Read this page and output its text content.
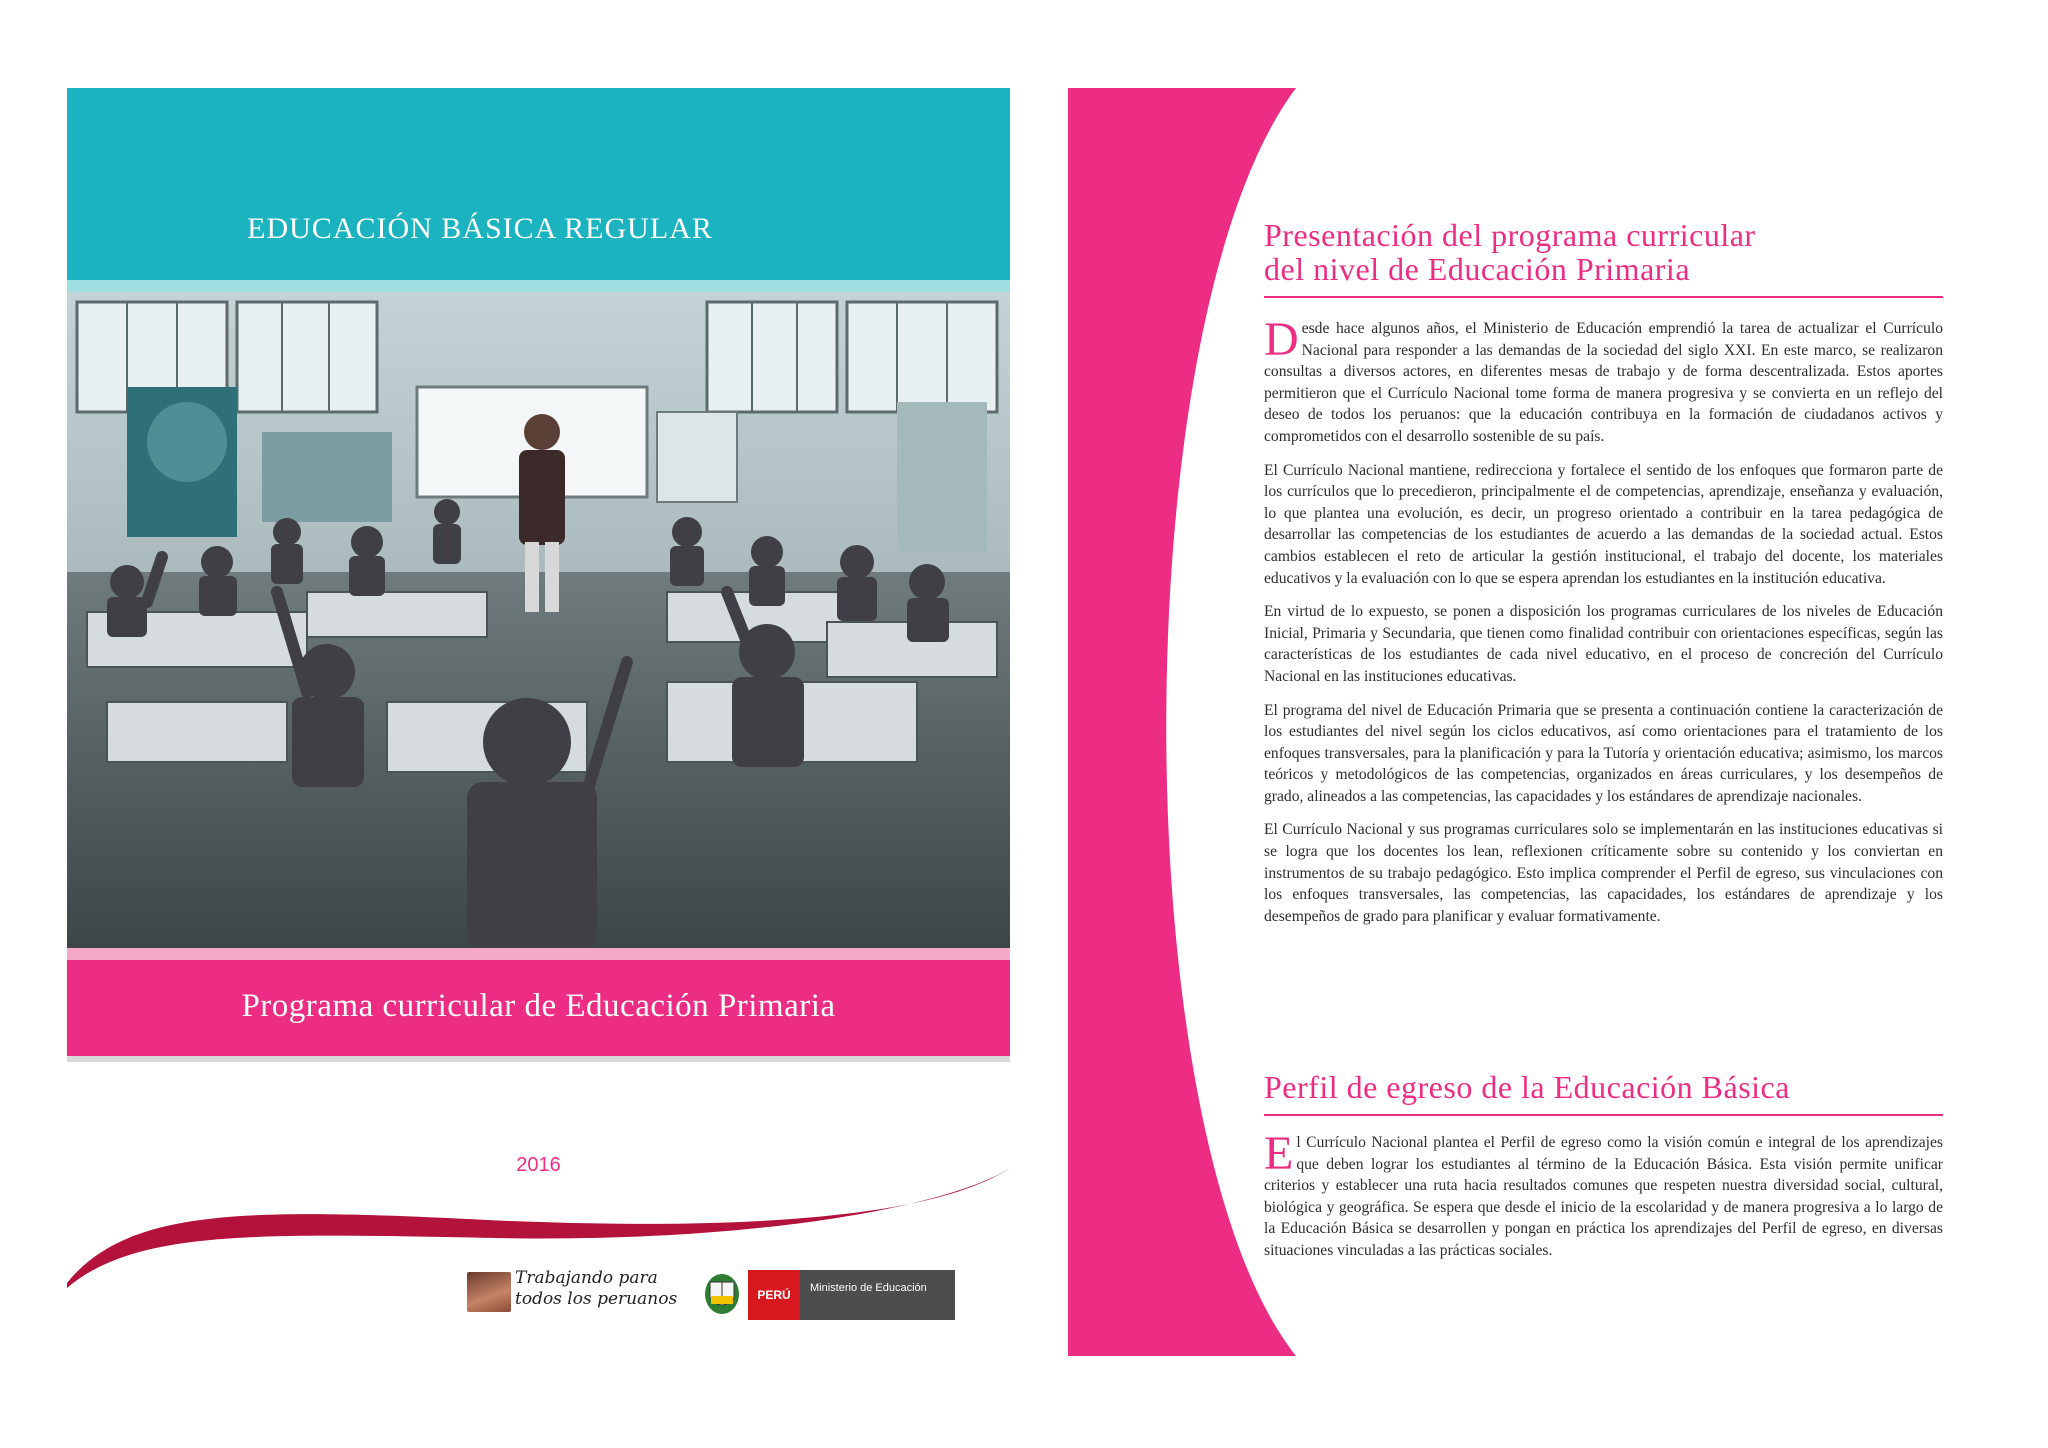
EDUCACIÓN BÁSICA REGULAR
Programa curricular de Educación Primaria
2016
Trabajando para todos los peruanos	PERÚ	Ministerio de Educación
Presentación del programa curricular
del nivel de Educación Primaria

Desde hace algunos años, el Ministerio de Educación emprendió la tarea de actualizar el Currículo Nacional para responder a las demandas de la sociedad del siglo XXI. En este marco, se realizaron consultas a diversos actores, en diferentes mesas de trabajo y de forma descentralizada. Estos aportes permitieron que el Currículo Nacional tome forma de manera progresiva y se convierta en un reflejo del deseo de todos los peruanos: que la educación contribuya en la formación de ciudadanos activos y comprometidos con el desarrollo sostenible de su país.

El Currículo Nacional mantiene, redirecciona y fortalece el sentido de los enfoques que formaron parte de los currículos que lo precedieron, principalmente el de competencias, aprendizaje, enseñanza y evaluación, lo que plantea una evolución, es decir, un progreso orientado a contribuir en la tarea pedagógica de desarrollar las competencias de los estudiantes de acuerdo a las demandas de la sociedad actual. Estos cambios establecen el reto de articular la gestión institucional, el trabajo del docente, los materiales educativos y la evaluación con lo que se espera aprendan los estudiantes en la institución educativa.

En virtud de lo expuesto, se ponen a disposición los programas curriculares de los niveles de Educación Inicial, Primaria y Secundaria, que tienen como finalidad contribuir con orientaciones específicas, según las características de los estudiantes de cada nivel educativo, en el proceso de concreción del Currículo Nacional en las instituciones educativas.

El programa del nivel de Educación Primaria que se presenta a continuación contiene la caracterización de los estudiantes del nivel según los ciclos educativos, así como orientaciones para el tratamiento de los enfoques transversales, para la planificación y para la Tutoría y orientación educativa; asimismo, los marcos teóricos y metodológicos de las competencias, organizados en áreas curriculares, y los desempeños de grado, alineados a las competencias, las capacidades y los estándares de aprendizaje nacionales.

El Currículo Nacional y sus programas curriculares solo se implementarán en las instituciones educativas si se logra que los docentes los lean, reflexionen críticamente sobre su contenido y los conviertan en instrumentos de su trabajo pedagógico. Esto implica comprender el Perfil de egreso, sus vinculaciones con los enfoques transversales, las competencias, las capacidades, los estándares de aprendizaje y los desempeños de grado para planificar y evaluar formativamente.

Perfil de egreso de la Educación Básica

El Currículo Nacional plantea el Perfil de egreso como la visión común e integral de los aprendizajes que deben lograr los estudiantes al término de la Educación Básica. Esta visión permite unificar criterios y establecer una ruta hacia resultados comunes que respeten nuestra diversidad social, cultural, biológica y geográfica. Se espera que desde el inicio de la escolaridad y de manera progresiva a lo largo de la Educación Básica se desarrollen y pongan en práctica los aprendizajes del Perfil de egreso, en diversas situaciones vinculadas a las prácticas sociales.
